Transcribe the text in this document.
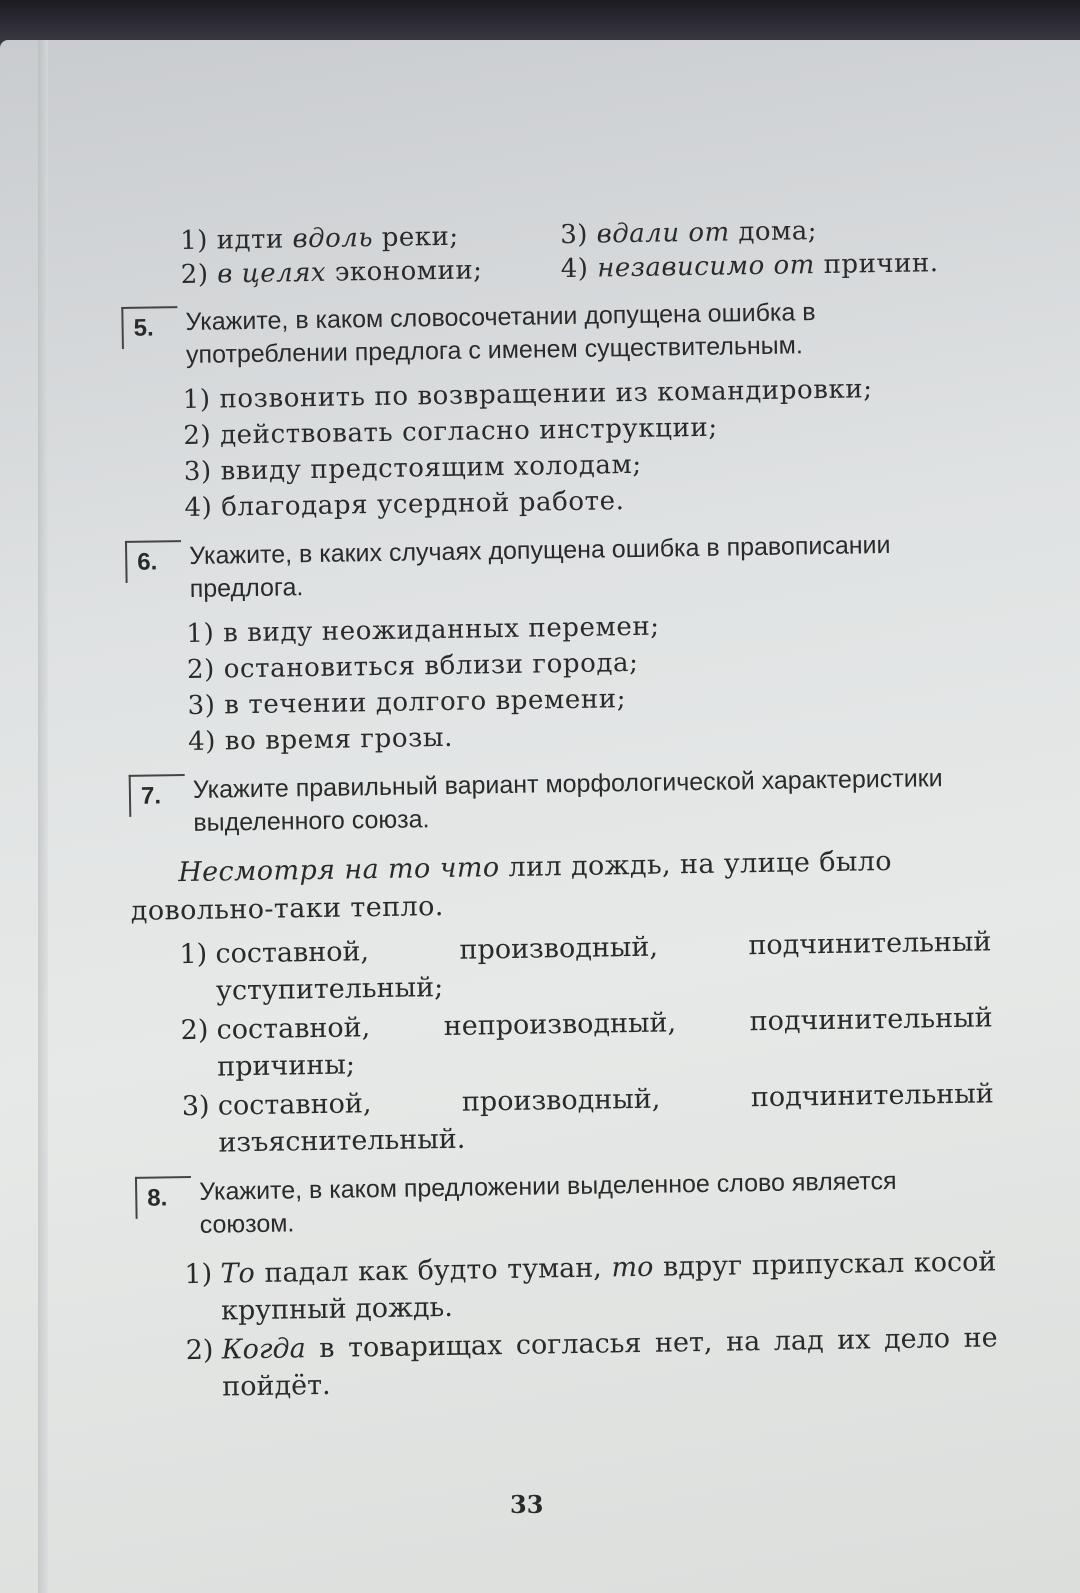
1) идти вдоль реки;	3) вдали от дома;
2) в целях экономии;	4) независимо от причин.
5.	Укажите, в каком словосочетании допущена ошибка в употреблении предлога с именем существительным.
1) позвонить по возвращении из командировки;
2) действовать согласно инструкции;
3) ввиду предстоящим холодам;
4) благодаря усердной работе.
6.	Укажите, в каких случаях допущена ошибка в правописании предлога.
1) в виду неожиданных перемен;
2) остановиться вблизи города;
3) в течении долгого времени;
4) во время грозы.
7.	Укажите правильный вариант морфологической характеристики выделенного союза.
Несмотря на то что лил дождь, на улице было довольно-таки тепло.
1) составной, производный, подчинительный уступительный;
2) составной, непроизводный, подчинительный причины;
3) составной, производный, подчинительный изъяснительный.
8.	Укажите, в каком предложении выделенное слово является союзом.
1) То падал как будто туман, то вдруг припускал косой крупный дождь.
2) Когда в товарищах согласья нет, на лад их дело не пойдёт.
33
